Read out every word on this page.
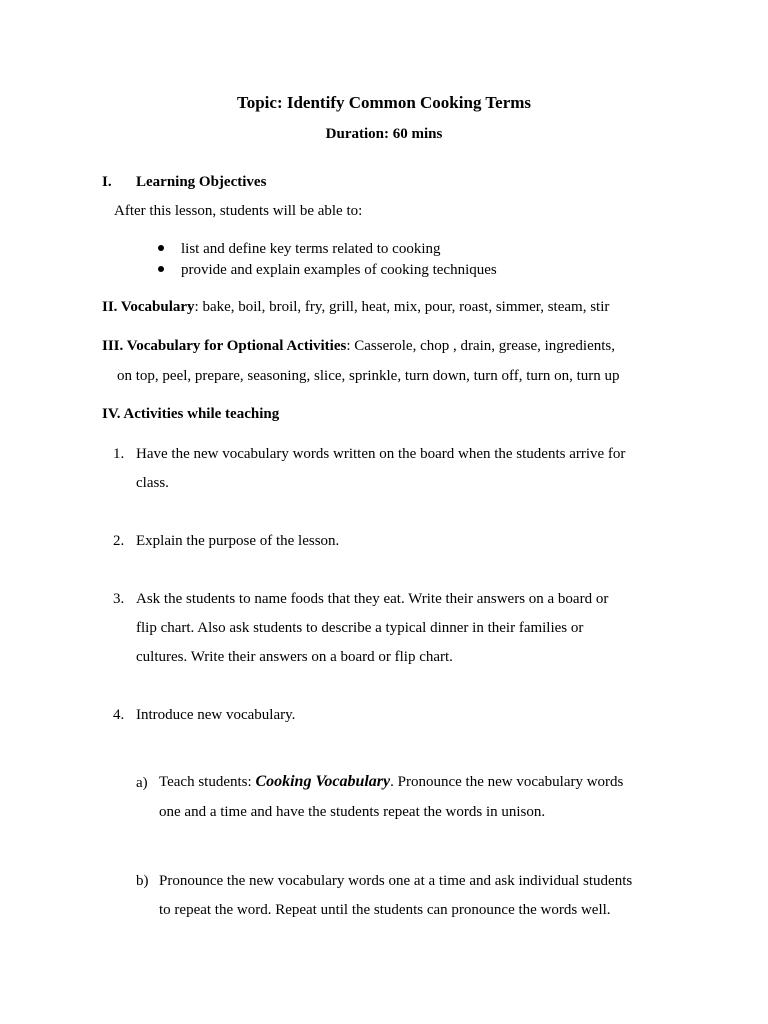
Topic: Identify Common Cooking Terms
Duration: 60 mins
I. Learning Objectives
After this lesson, students will be able to:
list and define key terms related to cooking
provide and explain examples of cooking techniques
II. Vocabulary: bake, boil, broil, fry, grill, heat, mix, pour, roast, simmer, steam, stir
III. Vocabulary for Optional Activities: Casserole, chop , drain, grease, ingredients,
on top, peel, prepare, seasoning, slice, sprinkle, turn down, turn off, turn on, turn up
IV. Activities while teaching
1. Have the new vocabulary words written on the board when the students arrive for
class.
2. Explain the purpose of the lesson.
3. Ask the students to name foods that they eat. Write their answers on a board or
flip chart. Also ask students to describe a typical dinner in their families or
cultures. Write their answers on a board or flip chart.
4. Introduce new vocabulary.
a) Teach students: Cooking Vocabulary. Pronounce the new vocabulary words
one and a time and have the students repeat the words in unison.
b) Pronounce the new vocabulary words one at a time and ask individual students
to repeat the word. Repeat until the students can pronounce the words well.
